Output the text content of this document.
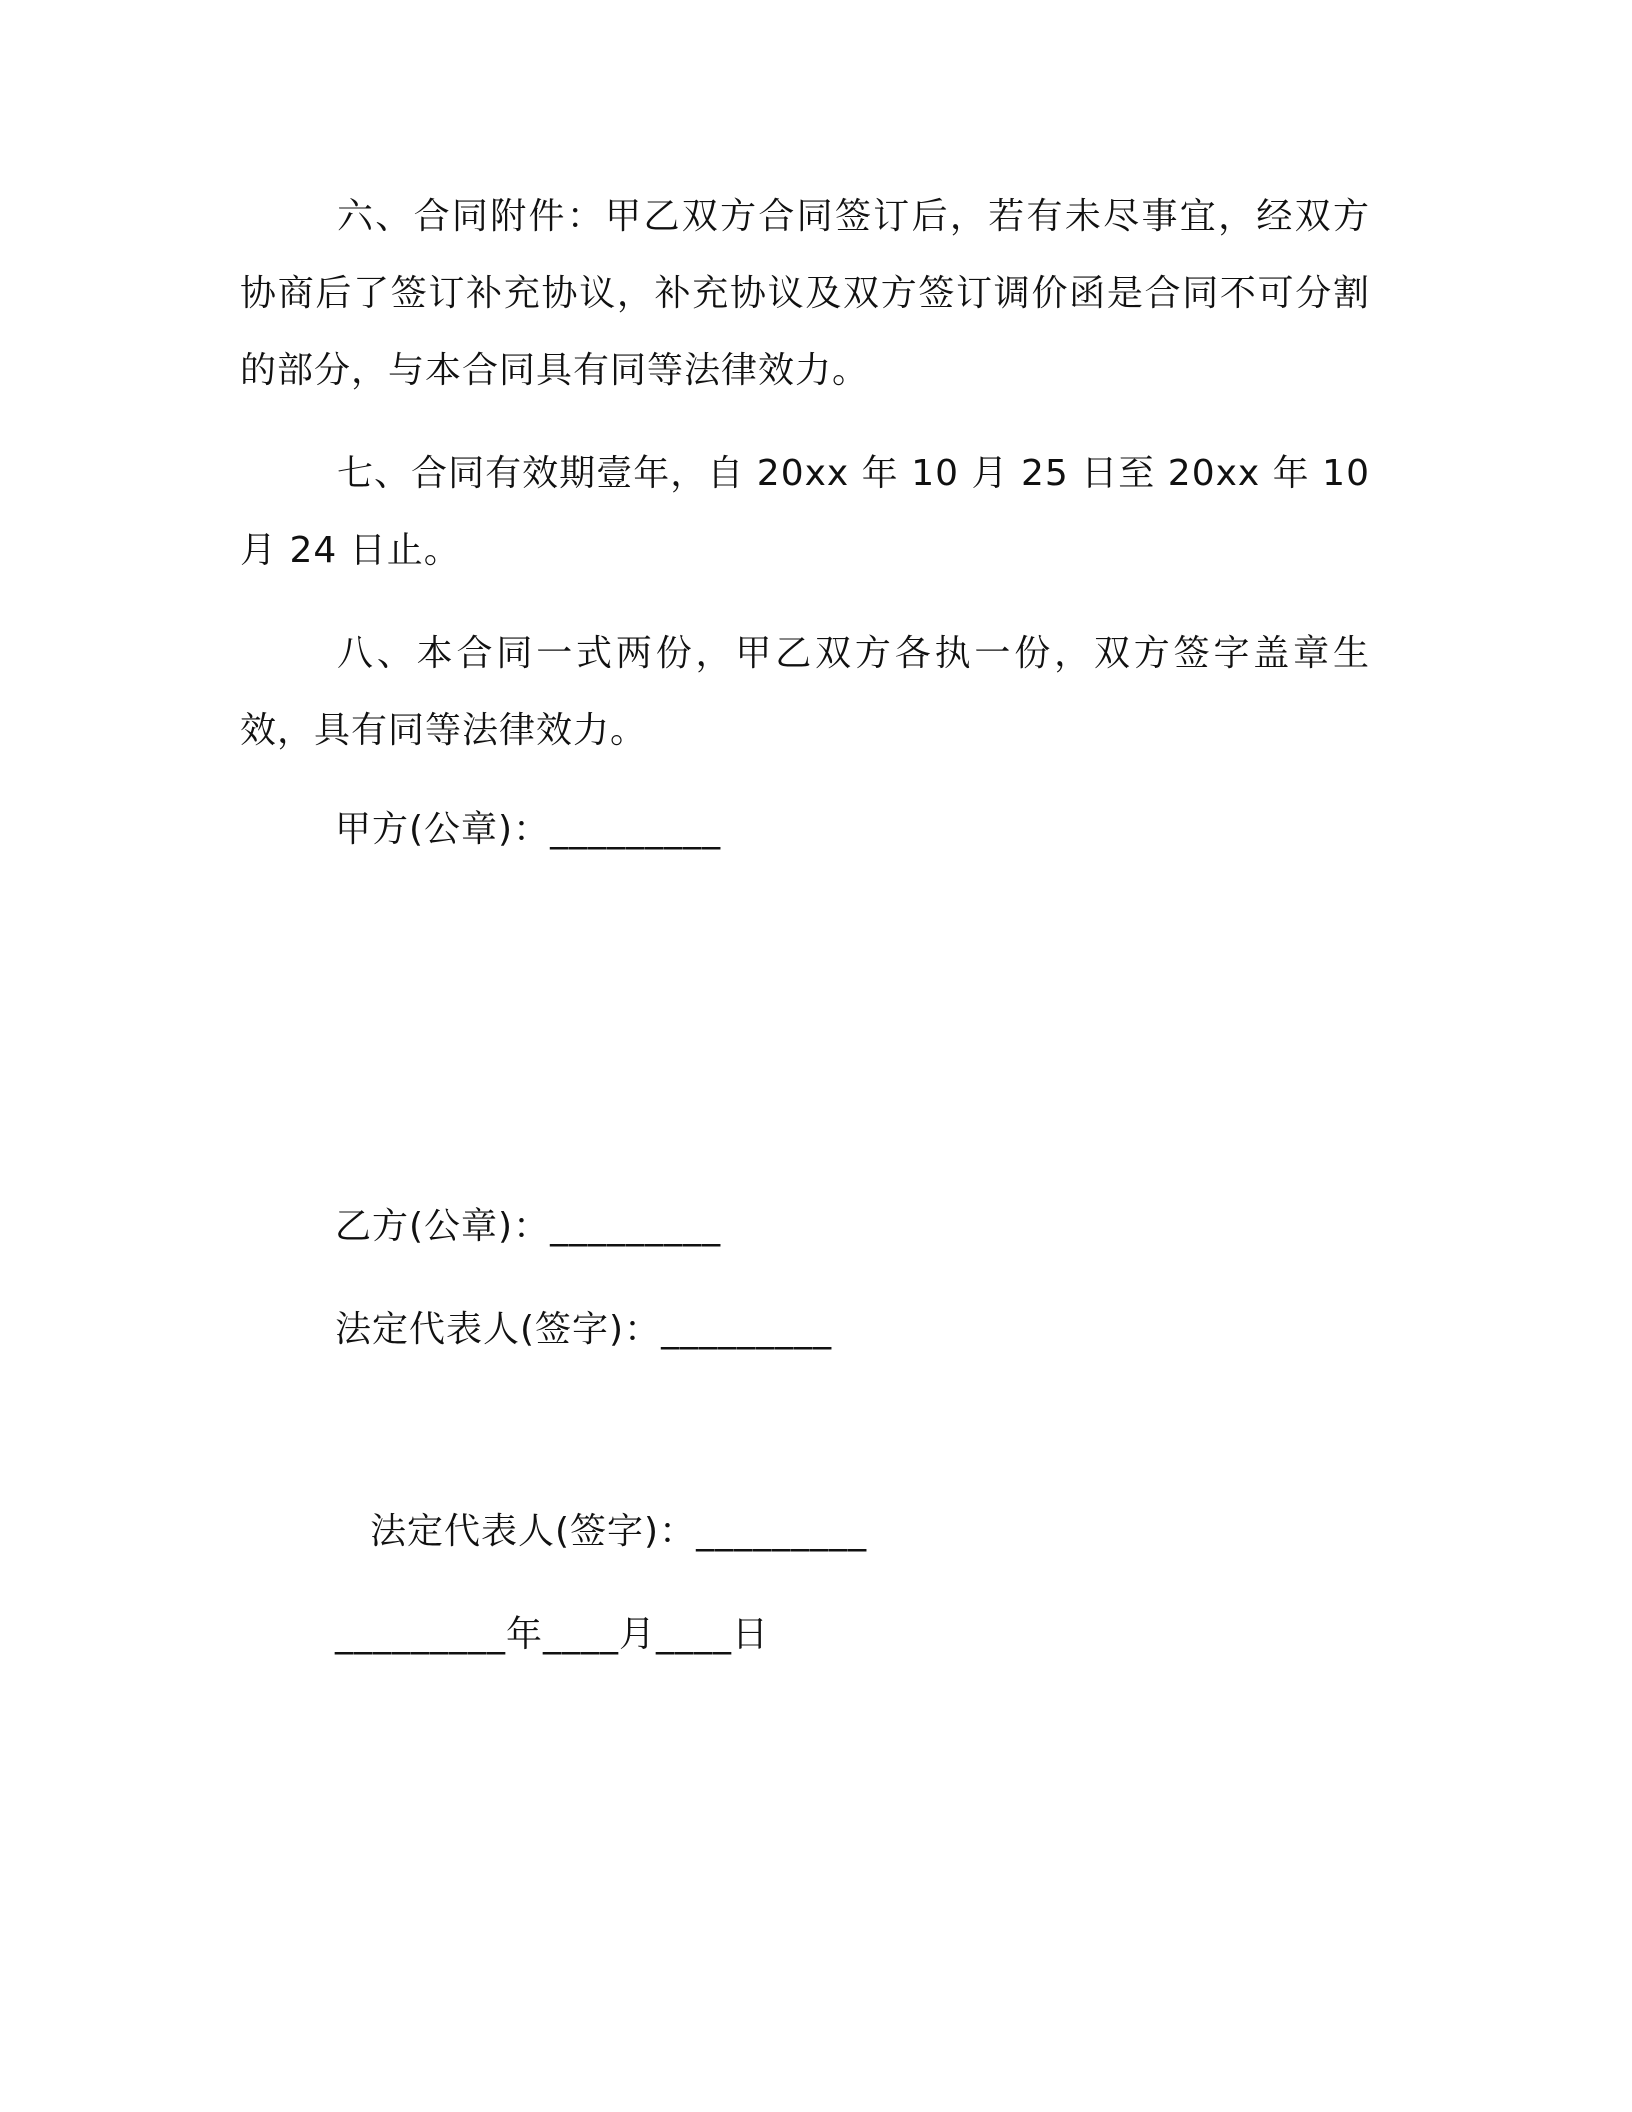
六、合同附件：甲乙双方合同签订后，若有未尽事宜，经双方协商后了签订补充协议，补充协议及双方签订调价函是合同不可分割的部分，与本合同具有同等法律效力。

七、合同有效期壹年，自 20xx 年 10 月 25 日至 20xx 年 10 月 24 日止。

八、本合同一式两份，甲乙双方各执一份，双方签字盖章生效，具有同等法律效力。

甲方(公章)：_________

乙方(公章)：_________

法定代表人(签字)：_________

法定代表人(签字)：_________

_________年____月____日
